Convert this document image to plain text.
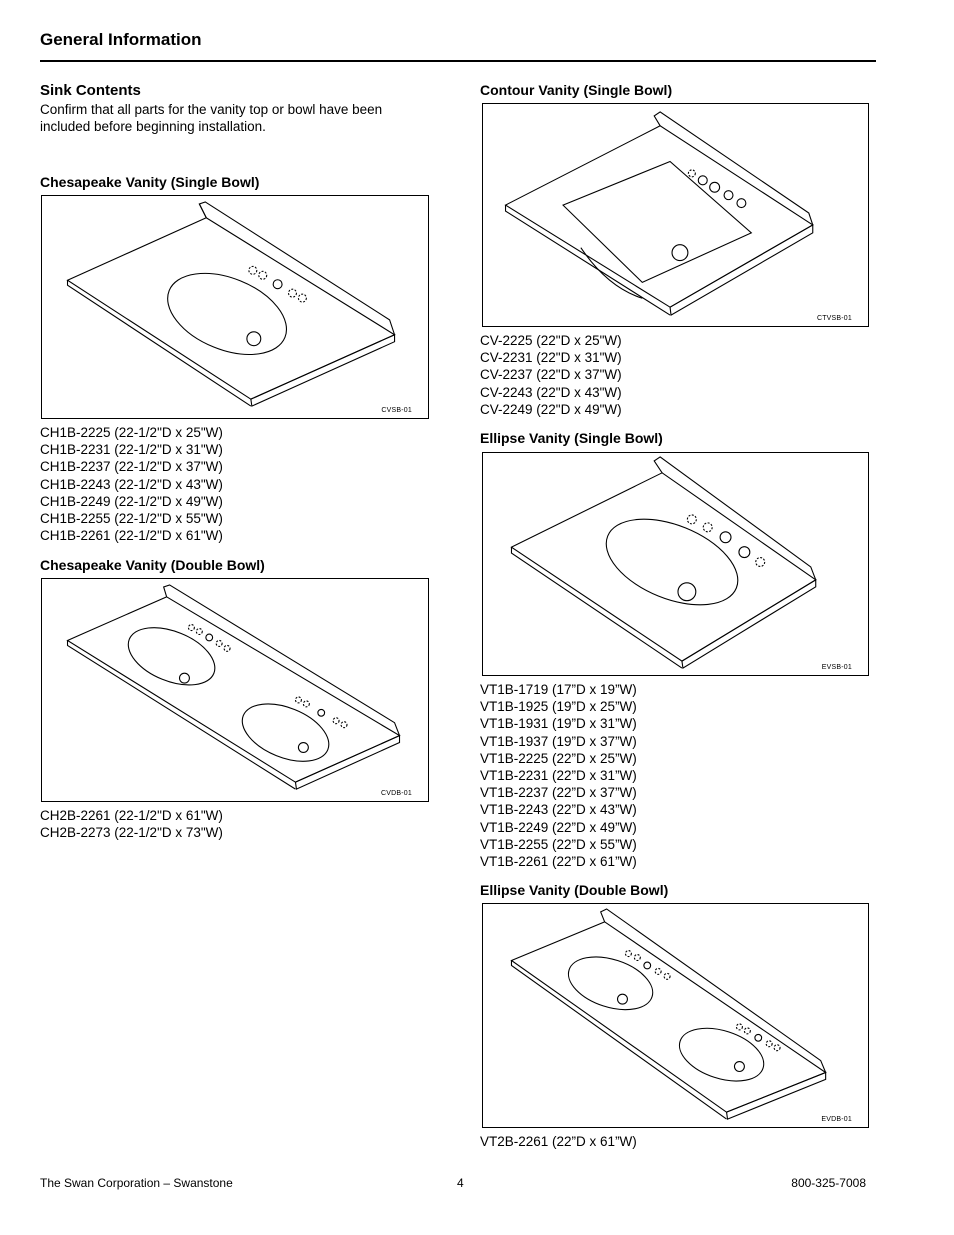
General Information
Sink Contents
Confirm that all parts for the vanity top or bowl have been included before beginning installation.
Chesapeake Vanity (Single Bowl)
CVSB-01
CH1B-2225 (22-1/2"D x 25"W)
CH1B-2231 (22-1/2"D x 31"W)
CH1B-2237 (22-1/2"D x 37"W)
CH1B-2243 (22-1/2"D x 43"W)
CH1B-2249 (22-1/2"D x 49"W)
CH1B-2255 (22-1/2"D x 55"W)
CH1B-2261 (22-1/2"D x 61"W)
Chesapeake Vanity (Double Bowl)
CVDB-01
CH2B-2261 (22-1/2"D x 61"W)
CH2B-2273 (22-1/2"D x 73"W)
Contour Vanity (Single Bowl)
CTVSB-01
CV-2225 (22"D x 25"W)
CV-2231 (22"D x 31"W)
CV-2237 (22"D x 37"W)
CV-2243 (22"D x 43"W)
CV-2249 (22"D x 49"W)
Ellipse Vanity (Single Bowl)
EVSB-01
VT1B-1719 (17”D x 19”W)
VT1B-1925 (19”D x 25”W)
VT1B-1931 (19”D x 31”W)
VT1B-1937 (19”D x 37”W)
VT1B-2225 (22”D x 25”W)
VT1B-2231 (22”D x 31”W)
VT1B-2237 (22”D x 37”W)
VT1B-2243 (22”D x 43”W)
VT1B-2249 (22”D x 49”W)
VT1B-2255 (22”D x 55”W)
VT1B-2261 (22”D x 61”W)
Ellipse Vanity (Double Bowl)
EVDB-01
VT2B-2261 (22”D x 61”W)
The Swan Corporation – Swanstone	4	800-325-7008
